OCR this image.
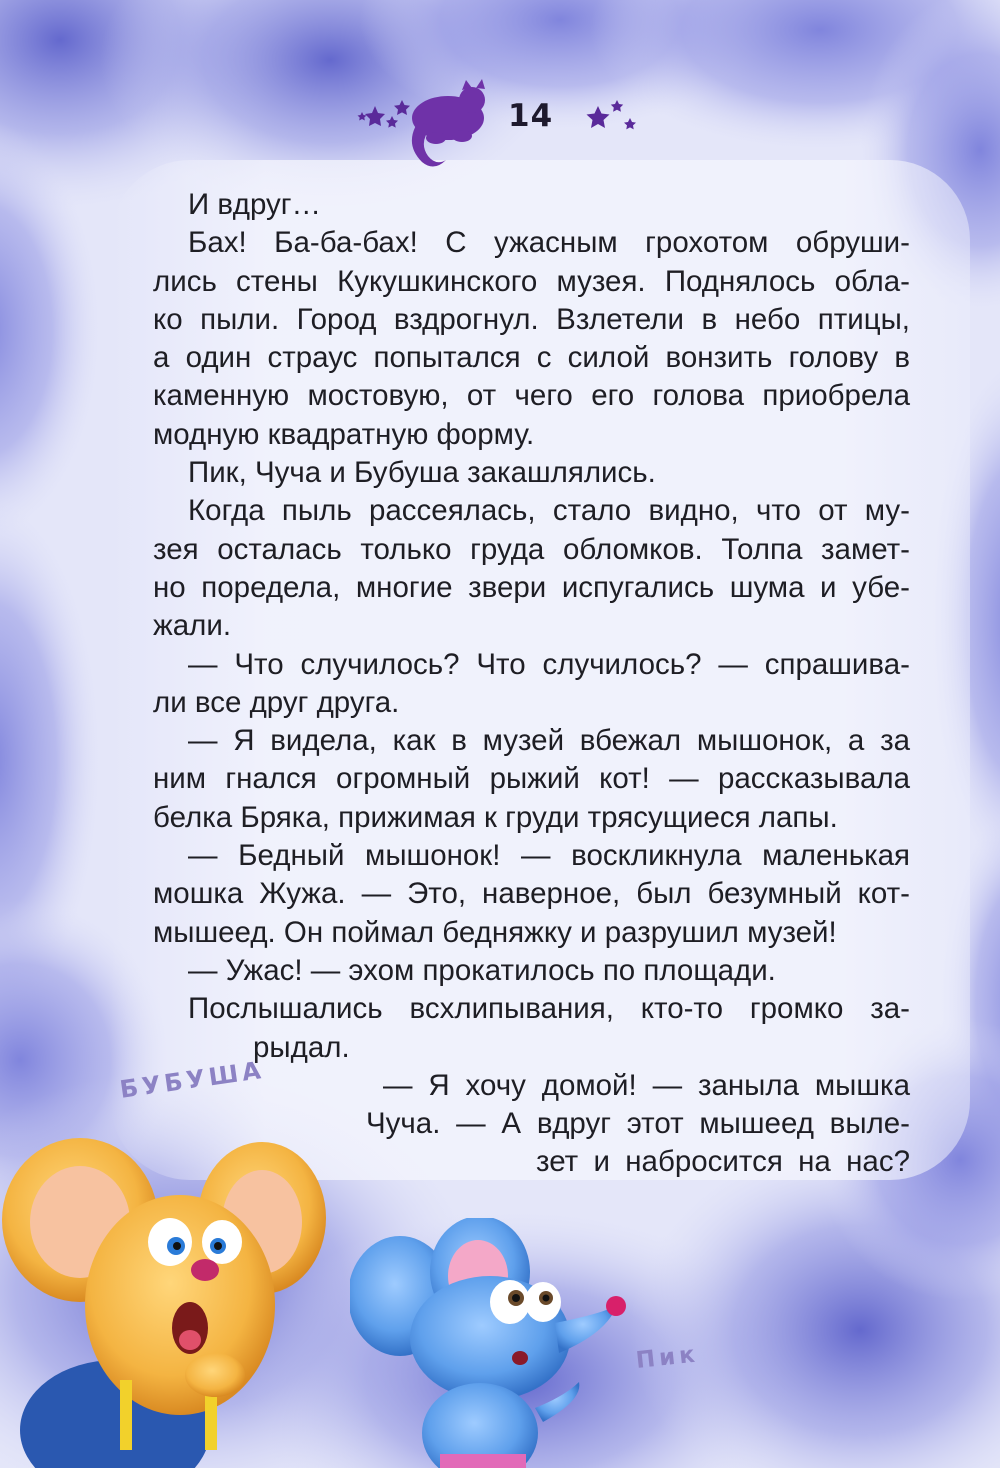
14
И вдруг…
Бах! Ба-ба-бах! С ужасным грохотом обруши-
лись стены Кукушкинского музея. Поднялось обла-
ко пыли. Город вздрогнул. Взлетели в небо птицы,
а один страус попытался с силой вонзить голову в
каменную мостовую, от чего его голова приобрела
модную квадратную форму.
Пик, Чуча и Бубуша закашлялись.
Когда пыль рассеялась, стало видно, что от му-
зея осталась только груда обломков. Толпа замет-
но поредела, многие звери испугались шума и убе-
жали.
— Что случилось? Что случилось? — спрашива-
ли все друг друга.
— Я видела, как в музей вбежал мышонок, а за
ним гнался огромный рыжий кот! — рассказывала
белка Бряка, прижимая к груди трясущиеся лапы.
— Бедный мышонок! — воскликнула маленькая
мошка Жужа. — Это, наверное, был безумный кот-
мышеед. Он поймал бедняжку и разрушил музей!
— Ужас! — эхом прокатилось по площади.
Послышались всхлипывания, кто-то громко за-
рыдал.
— Я хочу домой! — заныла мышка
Чуча. — А вдруг этот мышеед выле-
зет и набросится на нас?
БУБУША
Пик
